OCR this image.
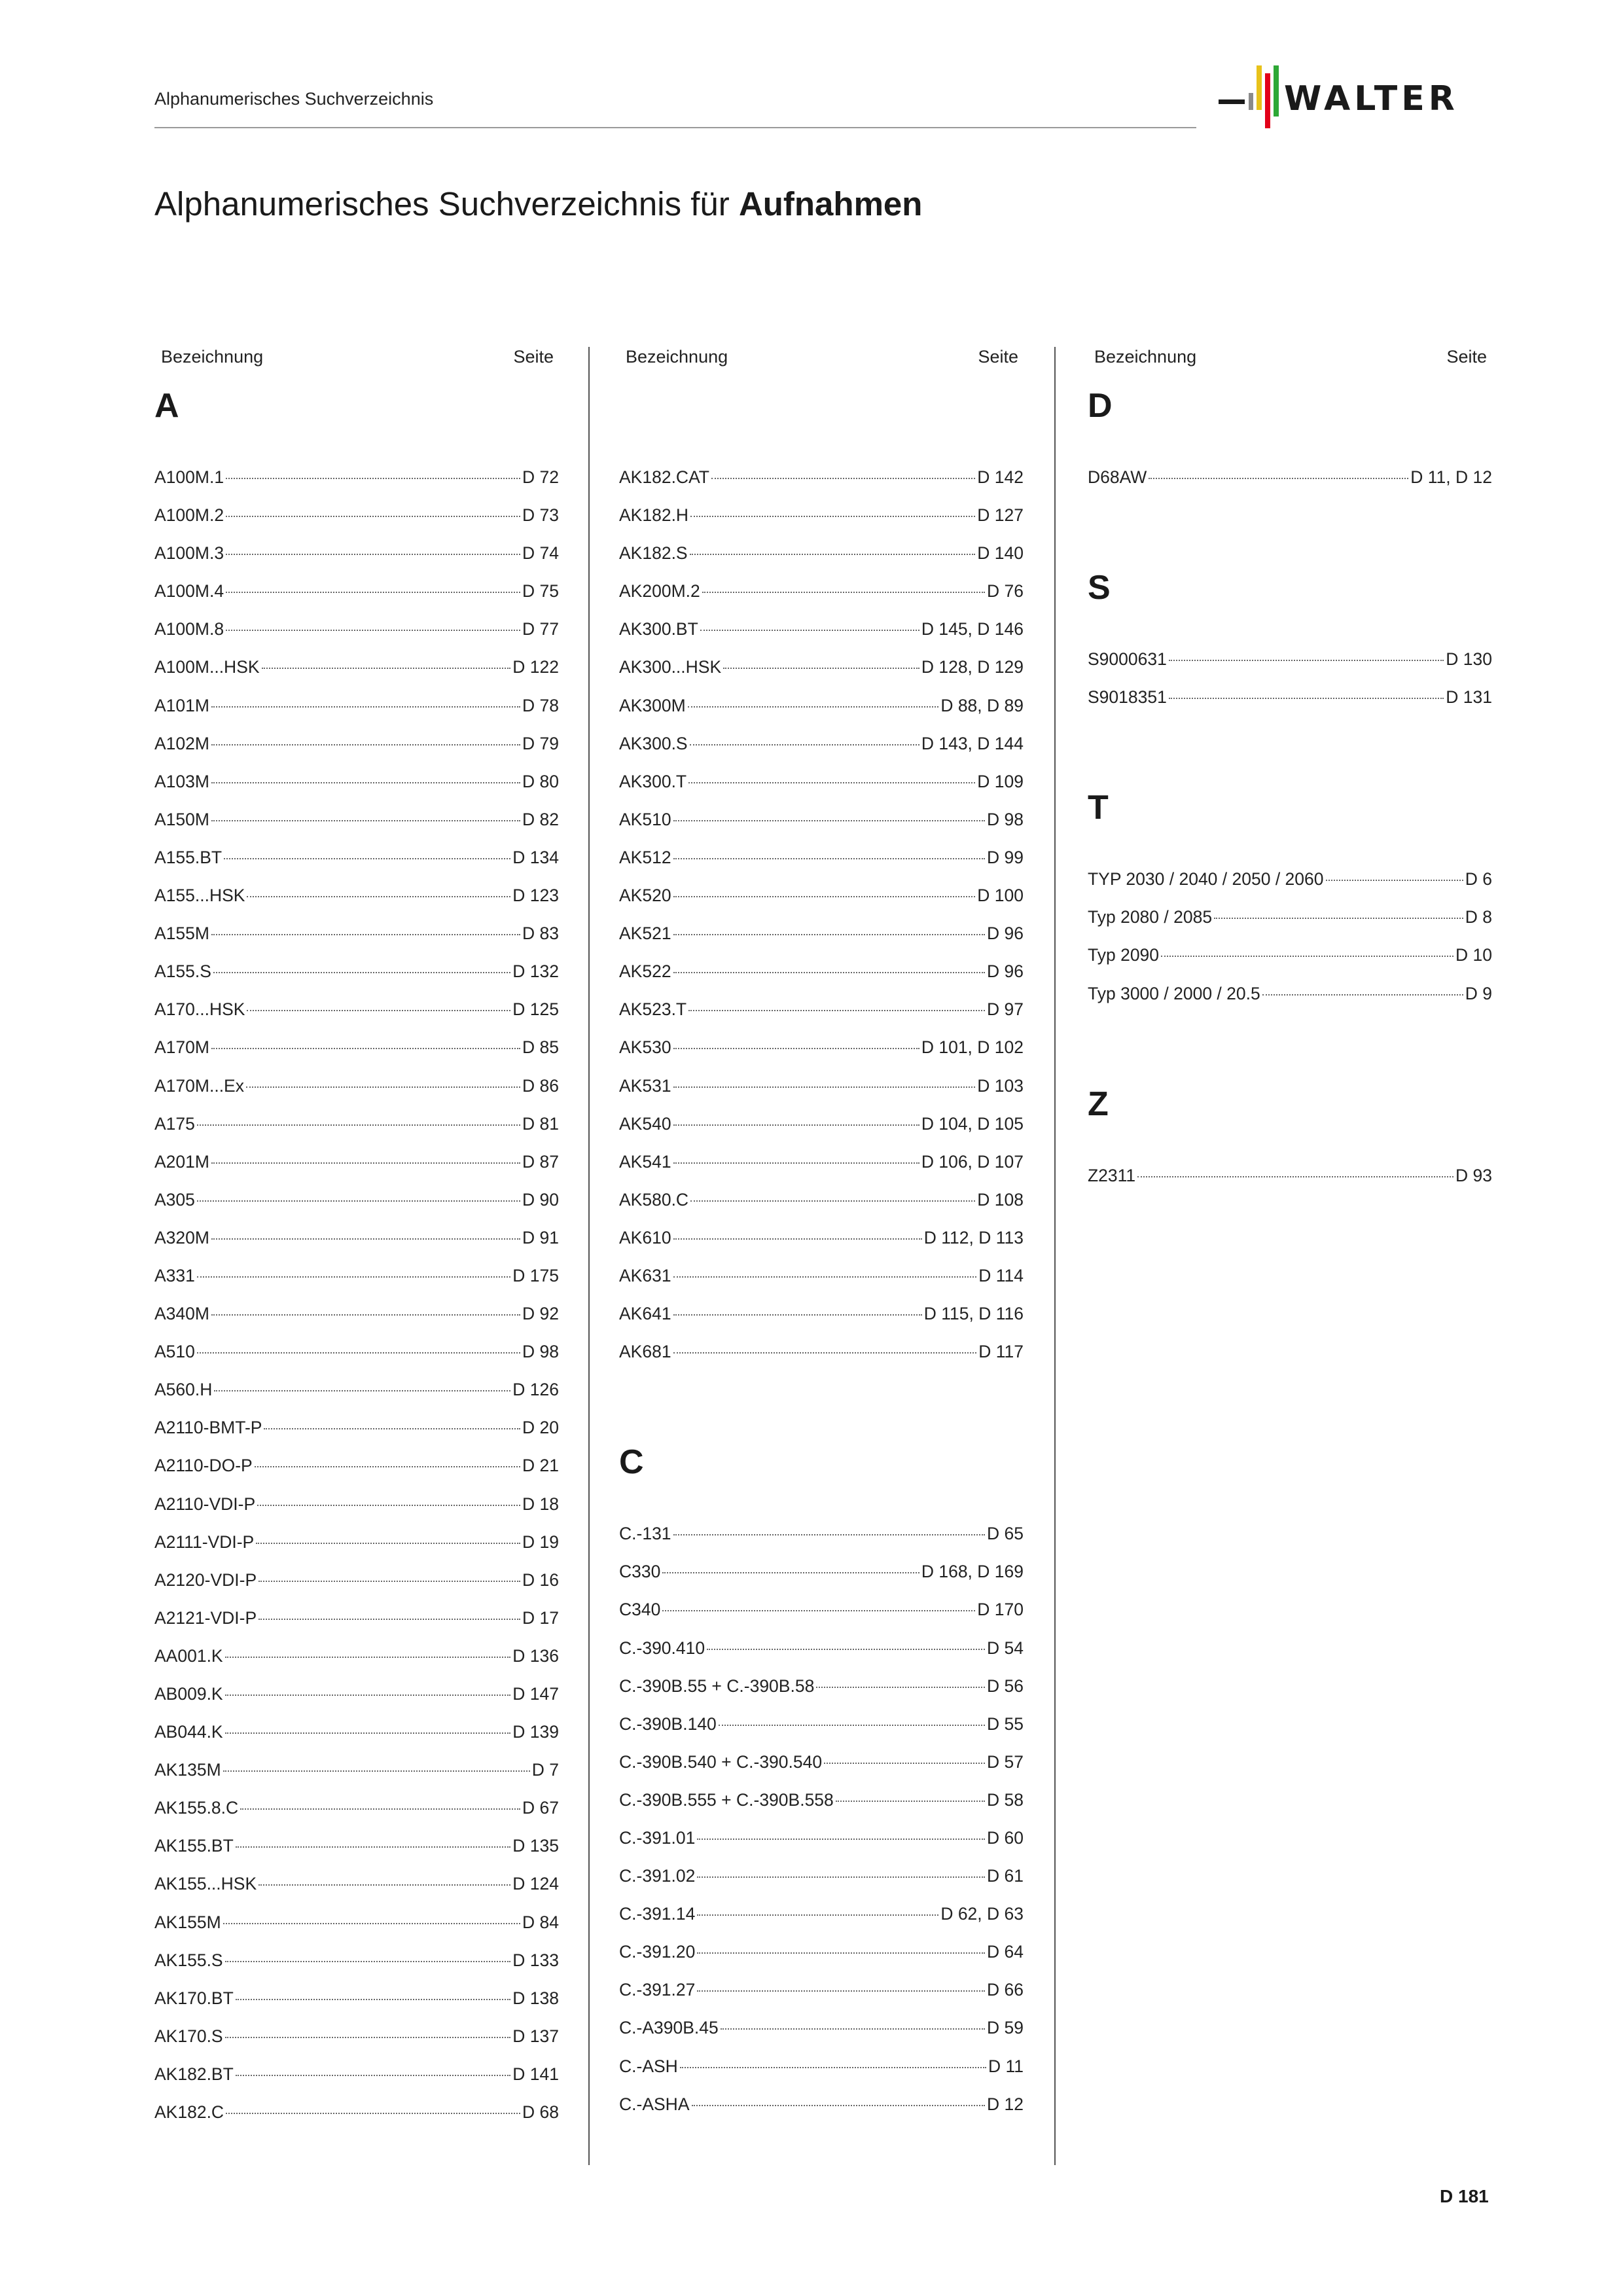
Alphanumerisches Suchverzeichnis	WALTER
Alphanumerisches Suchverzeichnis für Aufnahmen
Bezeichnung	Seite
A
A100M.1	D 72
A100M.2	D 73
A100M.3	D 74
A100M.4	D 75
A100M.8	D 77
A100M...HSK	D 122
A101M	D 78
A102M	D 79
A103M	D 80
A150M	D 82
A155.BT	D 134
A155...HSK	D 123
A155M	D 83
A155.S	D 132
A170...HSK	D 125
A170M	D 85
A170M...Ex	D 86
A175	D 81
A201M	D 87
A305	D 90
A320M	D 91
A331	D 175
A340M	D 92
A510	D 98
A560.H	D 126
A2110-BMT-P	D 20
A2110-DO-P	D 21
A2110-VDI-P	D 18
A2111-VDI-P	D 19
A2120-VDI-P	D 16
A2121-VDI-P	D 17
AA001.K	D 136
AB009.K	D 147
AB044.K	D 139
AK135M	D 7
AK155.8.C	D 67
AK155.BT	D 135
AK155...HSK	D 124
AK155M	D 84
AK155.S	D 133
AK170.BT	D 138
AK170.S	D 137
AK182.BT	D 141
AK182.C	D 68
Bezeichnung	Seite
AK182.CAT	D 142
AK182.H	D 127
AK182.S	D 140
AK200M.2	D 76
AK300.BT	D 145, D 146
AK300...HSK	D 128, D 129
AK300M	D 88, D 89
AK300.S	D 143, D 144
AK300.T	D 109
AK510	D 98
AK512	D 99
AK520	D 100
AK521	D 96
AK522	D 96
AK523.T	D 97
AK530	D 101, D 102
AK531	D 103
AK540	D 104, D 105
AK541	D 106, D 107
AK580.C	D 108
AK610	D 112, D 113
AK631	D 114
AK641	D 115, D 116
AK681	D 117
C
C.-131	D 65
C330	D 168, D 169
C340	D 170
C.-390.410	D 54
C.-390B.55 + C.-390B.58	D 56
C.-390B.140	D 55
C.-390B.540 + C.-390.540	D 57
C.-390B.555 + C.-390B.558	D 58
C.-391.01	D 60
C.-391.02	D 61
C.-391.14	D 62, D 63
C.-391.20	D 64
C.-391.27	D 66
C.-A390B.45	D 59
C.-ASH	D 11
C.-ASHA	D 12
Bezeichnung	Seite
D
D68AW	D 11, D 12
S
S9000631	D 130
S9018351	D 131
T
TYP 2030 / 2040 / 2050 / 2060	D 6
Typ 2080 / 2085	D 8
Typ 2090	D 10
Typ 3000 / 2000 / 20.5	D 9
Z
Z2311	D 93
D 181
